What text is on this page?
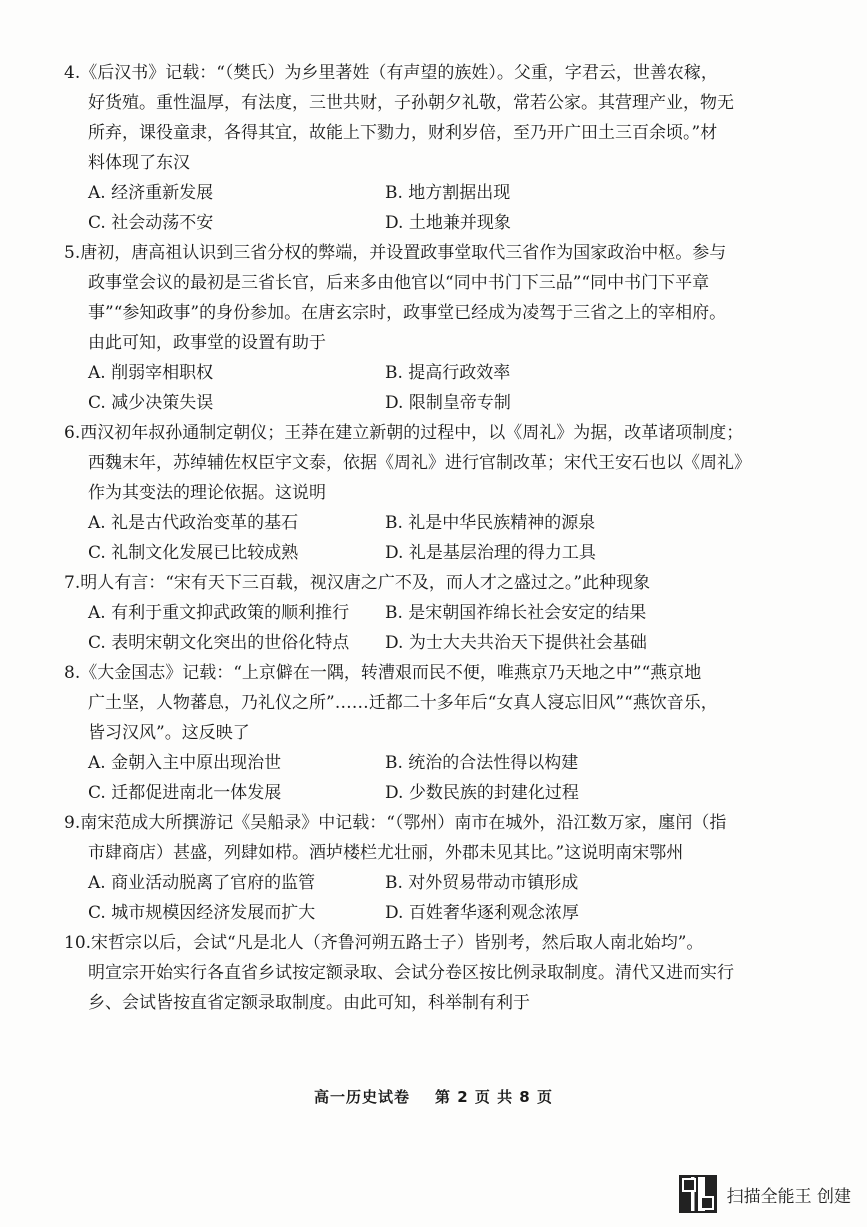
4.《后汉书》记载：“（樊氏）为乡里著姓（有声望的族姓）。父重，字君云，世善农稼，
好货殖。重性温厚，有法度，三世共财，子孙朝夕礼敬，常若公家。其营理产业，物无
所弃，课役童隶，各得其宜，故能上下勠力，财利岁倍，至乃开广田土三百余顷。”材
料体现了东汉
A. 经济重新发展	B. 地方割据出现
C. 社会动荡不安	D. 土地兼并现象
5.唐初，唐高祖认识到三省分权的弊端，并设置政事堂取代三省作为国家政治中枢。参与
政事堂会议的最初是三省长官，后来多由他官以“同中书门下三品”“同中书门下平章
事”“参知政事”的身份参加。在唐玄宗时，政事堂已经成为凌驾于三省之上的宰相府。
由此可知，政事堂的设置有助于
A. 削弱宰相职权	B. 提高行政效率
C. 减少决策失误	D. 限制皇帝专制
6.西汉初年叔孙通制定朝仪；王莽在建立新朝的过程中，以《周礼》为据，改革诸项制度；
西魏末年，苏绰辅佐权臣宇文泰，依据《周礼》进行官制改革；宋代王安石也以《周礼》
作为其变法的理论依据。这说明
A. 礼是古代政治变革的基石	B. 礼是中华民族精神的源泉
C. 礼制文化发展已比较成熟	D. 礼是基层治理的得力工具
7.明人有言：“宋有天下三百载，视汉唐之广不及，而人才之盛过之。”此种现象
A. 有利于重文抑武政策的顺利推行	B. 是宋朝国祚绵长社会安定的结果
C. 表明宋朝文化突出的世俗化特点	D. 为士大夫共治天下提供社会基础
8.《大金国志》记载：“上京僻在一隅，转漕艰而民不便，唯燕京乃天地之中”“燕京地
广土坚，人物蕃息，乃礼仪之所”……迁都二十多年后“女真人寖忘旧风”“燕饮音乐，
皆习汉风”。这反映了
A. 金朝入主中原出现治世	B. 统治的合法性得以构建
C. 迁都促进南北一体发展	D. 少数民族的封建化过程
9.南宋范成大所撰游记《吴船录》中记载：“（鄂州）南市在城外，沿江数万家，廛闬（指
市肆商店）甚盛，列肆如栉。酒垆楼栏尤壮丽，外郡未见其比。”这说明南宋鄂州
A. 商业活动脱离了官府的监管	B. 对外贸易带动市镇形成
C. 城市规模因经济发展而扩大	D. 百姓奢华逐利观念浓厚
10.宋哲宗以后，会试“凡是北人（齐鲁河朔五路士子）皆别考，然后取人南北始均”。
明宣宗开始实行各直省乡试按定额录取、会试分卷区按比例录取制度。清代又进而实行
乡、会试皆按直省定额录取制度。由此可知，科举制有利于
高一历史试卷 第 2 页 共 8 页
扫描全能王 创建
